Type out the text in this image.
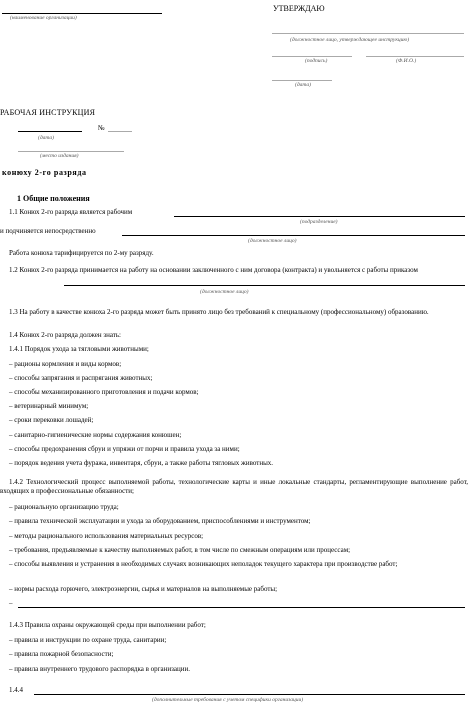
(наименование организации)
УТВЕРЖДАЮ
(должностное лицо, утверждающее инструкцию)
(подпись)	(Ф.И.О.)
(дата)
РАБОЧАЯ ИНСТРУКЦИЯ
№
(дата)
(место издания)
конюху 2-го разряда
1 Общие положения
1.1 Конюх 2-го разряда является рабочим
(подразделение)
и подчиняется непосредственно
(должностное лицо)
Работа конюха тарифицируется по 2-му разряду.
1.2 Конюх 2-го разряда принимается на работу на основании заключенного с ним договора (контракта) и увольняется с работы приказом
(должностное лицо)
1.3 На работу в качестве конюха 2-го разряда может быть принято лицо без требований к специальному (профессиональному) образованию.
1.4 Конюх 2-го разряда должен знать:
1.4.1 Порядок ухода за тягловыми животными;
– рационы кормления и виды кормов;
– способы запрягания и распрягания животных;
– способы механизированного приготовления и подачи кормов;
– ветеринарный минимум;
– сроки перековки лошадей;
– санитарно-гигиенические нормы содержания конюшен;
– способы предохранения сбруи и упряжи от порчи и правила ухода за ними;
– порядок ведения учета фуража, инвентаря, сбруи, а также работы тягловых животных.
1.4.2 Технологический процесс выполняемой работы, технологические карты и иные локальные стандарты, регламентирующие выполнение работ, входящих в профессиональные обязанности;
– рациональную организацию труда;
– правила технической эксплуатации и ухода за оборудованием, приспособлениями и инструментом;
– методы рационального использования материальных ресурсов;
– требования, предъявляемые к качеству выполняемых работ, в том числе по смежным операциям или процессам;
– способы выявления и устранения в необходимых случаях возникающих неполадок текущего характера при производстве работ;
– нормы расхода горючего, электроэнергии, сырья и материалов на выполняемые работы;
–
1.4.3 Правила охраны окружающей среды при выполнении работ;
– правила и инструкции по охране труда, санитарии;
– правила пожарной безопасности;
– правила внутреннего трудового распорядка в организации.
1.4.4
(дополнительные требования с учетом специфики организации)
